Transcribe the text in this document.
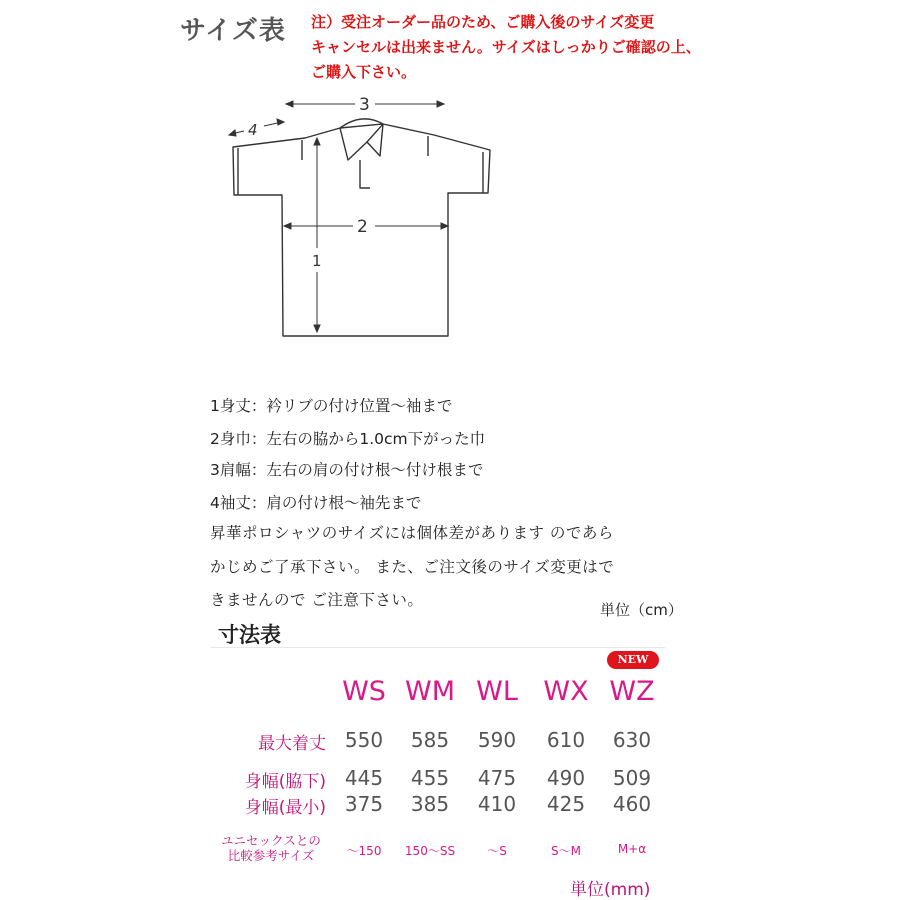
サイズ表 注）受注オーダー品のため、ご購入後のサイズ変更
キャンセルは出来ません。サイズはしっかりご確認の上、
ご購入下さい。
3
2
1
4
1身丈：衿リブの付け位置〜袖まで
2身巾：左右の脇から1.0cm下がった巾
3肩幅：左右の肩の付け根〜付け根まで
4袖丈：肩の付け根〜袖先まで
昇華ポロシャツのサイズには個体差があります のであら
かじめご了承下さい。 また、ご注文後のサイズ変更はで
きませんので ご注意下さい。
単位（cm）
寸法表
NEW
WS WM WL WX WZ
最大着丈 550	585	590	610	630
身幅(脇下) 445	455	475	490	509
身幅(最小) 375	385	410	425	460
ユニセックスとの
比較参考サイズ	〜150	150〜SS	〜S	S〜M	M+α
単位(mm)
